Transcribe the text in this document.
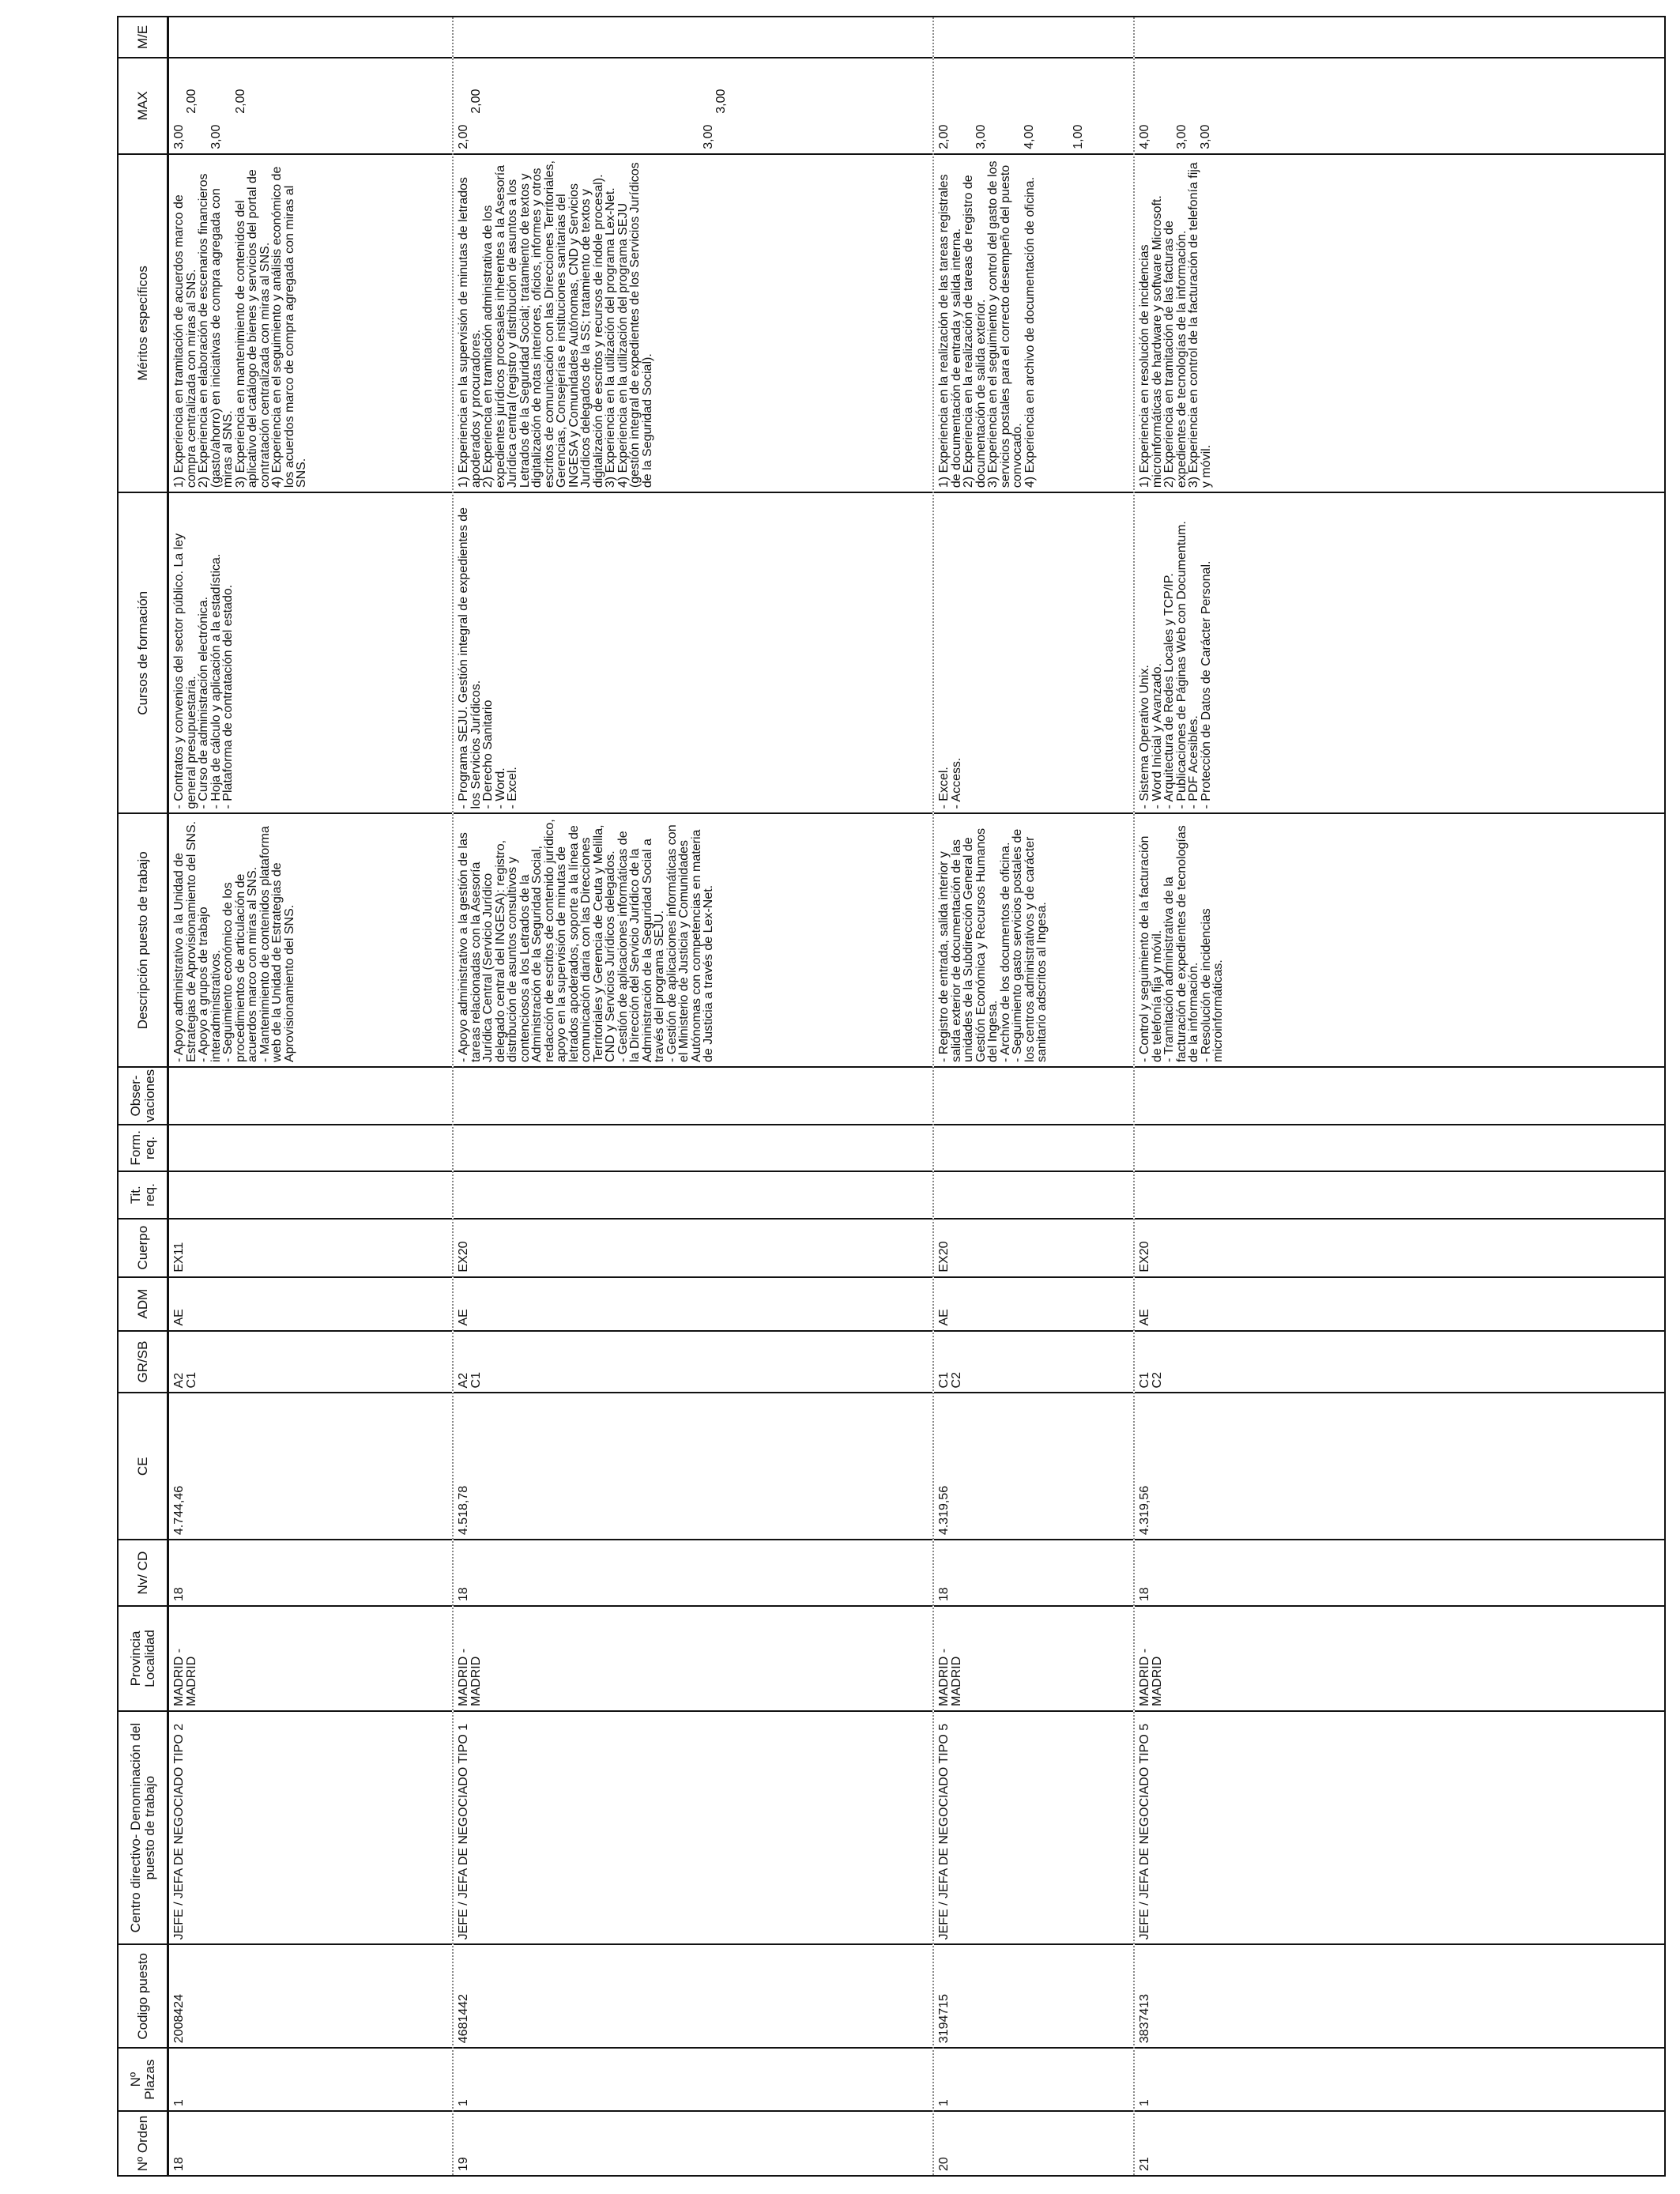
Nº Orden
Nº Plazas
Codigo puesto
Centro directivo- Denominación del puesto de trabajo
Provincia Localidad
Nv/ CD
CE
GR/SB
ADM
Cuerpo
Tit. req.
Form. req.
Obser- vaciones
Descripción puesto de trabajo
Cursos de formación
Méritos específicos
MAX
M/E
18
1
2008424
JEFE / JEFA DE NEGOCIADO TIPO 2
MADRID - MADRID
18
4.744,46
A2
C1
AE
EX11
- Apoyo administrativo a la Unidad de Estrategias de Aprovisionamiento del SNS.
- Apoyo a grupos de trabajo interadministrativos.
- Seguimiento económico de los procedimientos de articulación de acuerdos marco con miras al SNS.
- Mantenimiento de contenidos plataforma web de la Unidad de Estrategias de Aprovisionamiento del SNS.
- Contratos y convenios del sector público. La ley general presupuestaria.
- Curso de administración electrónica.
- Hoja de cálculo y aplicación a la estadística.
- Plataforma de contratación del estado.
1) Experiencia en tramitación de acuerdos marco de compra centralizada con miras al SNS.
2) Experiencia en elaboración de escenarios financieros (gasto/ahorro) en iniciativas de compra agregada con miras al SNS.
3) Experiencia en mantenimiento de contenidos del aplicativo del catálogo de bienes y servicios del portal de contratación centralizada con miras al SNS.
4) Experiencia en el seguimiento y análisis económico de los acuerdos marco de compra agregada con miras al SNS.
3,00
2,00

3,00

2,00
19
1
4681442
JEFE / JEFA DE NEGOCIADO TIPO 1
MADRID - MADRID
18
4.518,78
A2
C1
AE
EX20
- Apoyo administrativo a la gestión de las tareas relacionadas con la Asesoría Jurídica Central (Servicio Jurídico delegado central del INGESA): registro, distribución de asuntos consultivos y contenciosos a los Letrados de la Administración de la Seguridad Social, redacción de escritos de contenido jurídico, apoyo en la supervisión de minutas de letrados apoderados, soporte a la línea de comunicación diaria con las Direcciones Territoriales y Gerencia de Ceuta y Melilla, CND y Servicios Jurídicos delegados.
- Gestión de aplicaciones informáticas de la Dirección del Servicio Jurídico de la Administración de la Seguridad Social a través del programa SEJU.
- Gestión de aplicaciones informáticas con el Ministerio de Justicia y Comunidades Autónomas con competencias en materia de Justicia a través de Lex-Net.
- Programa SEJU. Gestión integral de expedientes de los Servicios Jurídicos.
- Derecho Sanitario
- Word.
- Excel.
1) Experiencia en la supervisión de minutas de letrados apoderados y procuradores.
2) Experiencia en tramitación administrativa de los expedientes jurídicos procesales inherentes a la Asesoría Jurídica central (registro y distribución de asuntos a los Letrados de la Seguridad Social; tratamiento de textos y digitalización de notas interiores, oficios, informes y otros escritos de comunicación con las Direcciones Territoriales, Gerencias, Consejerías e instituciones sanitarias del INGESA y Comunidades Autónomas, CND y Servicios Jurídicos delegados de la SS; tratamiento de textos y digitalización de escritos y recursos de índole procesal).
3) Experiencia en la utilización del programa Lex-Net.
4) Experiencia en la utilización del programa SEJU (gestión integral de expedientes de los Servicios Jurídicos de la Seguridad Social).
2,00
2,00
3,00
3,00
20
1
3194715
JEFE / JEFA DE NEGOCIADO TIPO 5
MADRID - MADRID
18
4.319,56
C1
C2
AE
EX20
- Registro de entrada, salida interior y salida exterior de documentación de las unidades de la Subdirección General de Gestión Económica y Recursos Humanos del Ingesa.
- Archivo de los documentos de oficina.
- Seguimiento gasto servicios postales de los centros administrativos y de carácter sanitario adscritos al Ingesa.
- Excel.
- Access.
1) Experiencia en la realización de las tareas registrales de documentación de entrada y salida interna.
2) Experiencia en la realización de tareas de registro de documentación de salida exterior.
3) Experiencia en el seguimiento y control del gasto de los servicios postales para el correcto desempeño del puesto convocado.
4) Experiencia en archivo de documentación de oficina.
2,00 3,00	4,00	1,00
21
1
3837413
JEFE / JEFA DE NEGOCIADO TIPO 5
MADRID - MADRID
18
4.319,56
C1
C2
AE
EX20
- Control y seguimiento de la facturación de telefonía fija y móvil.
- Tramitación administrativa de la facturación de expedientes de tecnologías de la información.
- Resolución de incidencias microinformáticas.
- Sistema Operativo Unix.
- Word Inicial y Avanzado.
- Arquitectura de Redes Locales y TCP/IP.
- Publicaciones de Páginas Web con Documentum.
- PDF Acesibles.
- Protección de Datos de Carácter Personal.
1) Experiencia en resolución de incidencias microinformáticas de hardware y software Microsoft.
2) Experiencia en tramitación de las facturas de expedientes de tecnologías de la información.
3) Experiencia en control de la facturación de telefonía fija y móvil.
4,00 3,00 3,00
